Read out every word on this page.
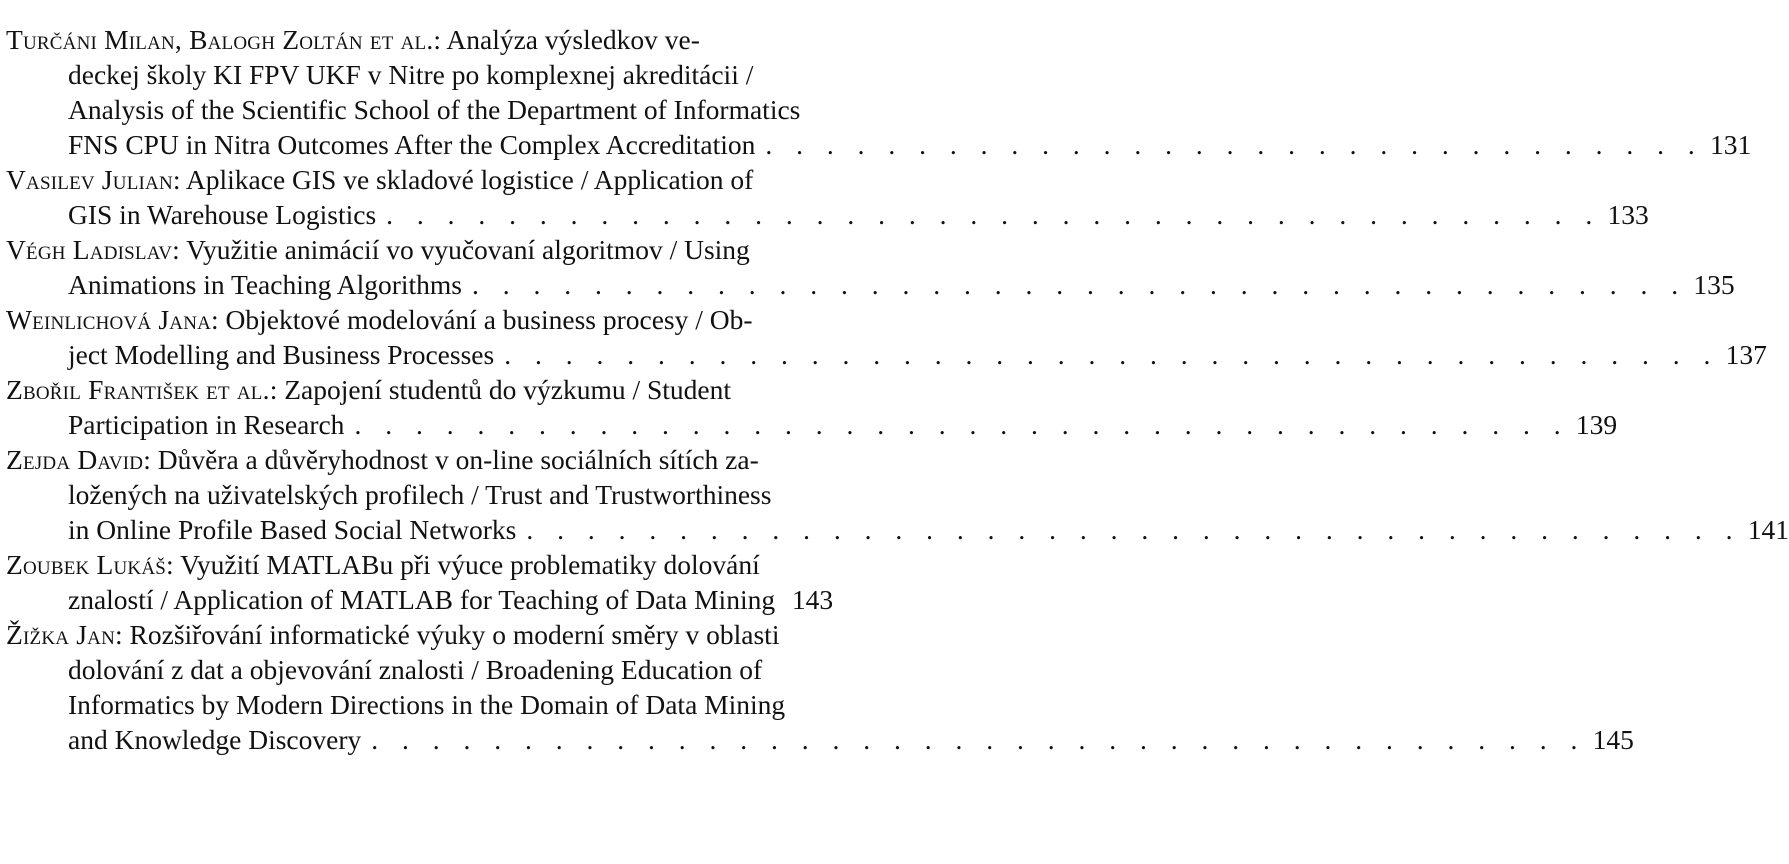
Turčáni Milan, Balogh Zoltán et al.: Analýza výsledkov ve-
deckej školy KI FPV UKF v Nitre po komplexnej akreditácii /
Analysis of the Scientific School of the Department of Informatics
FNS CPU in Nitra Outcomes After the Complex Accreditation . . . . . . . . . . . . . . . . . . . . . . . . . . . . . . . 131
Vasilev Julian: Aplikace GIS ve skladové logistice / Application of
GIS in Warehouse Logistics . . . . . . . . . . . . . . . . . . . . . . . . . . . . . . . . . . . . . . . . 133
Végh Ladislav: Využitie animácií vo vyučovaní algoritmov / Using
Animations in Teaching Algorithms . . . . . . . . . . . . . . . . . . . . . . . . . . . . . . . . . . . . . . . . 135
Weinlichová Jana: Objektové modelování a business procesy / Ob-
ject Modelling and Business Processes . . . . . . . . . . . . . . . . . . . . . . . . . . . . . . . . . . . . . . . . 137
Zbořil František et al.: Zapojení studentů do výzkumu / Student
Participation in Research . . . . . . . . . . . . . . . . . . . . . . . . . . . . . . . . . . . . . . . . 139
Zejda David: Důvěra a důvěryhodnost v on-line sociálních sítích za-
ložených na uživatelských profilech / Trust and Trustworthiness
in Online Profile Based Social Networks . . . . . . . . . . . . . . . . . . . . . . . . . . . . . . . . . . . . . . . . 141
Zoubek Lukáš: Využití MATLABu při výuce problematiky dolování
znalostí / Application of MATLAB for Teaching of Data Mining 143
Žižka Jan: Rozšiřování informatické výuky o moderní směry v oblasti
dolování z dat a objevování znalosti / Broadening Education of
Informatics by Modern Directions in the Domain of Data Mining
and Knowledge Discovery . . . . . . . . . . . . . . . . . . . . . . . . . . . . . . . . . . . . . . . . 145
